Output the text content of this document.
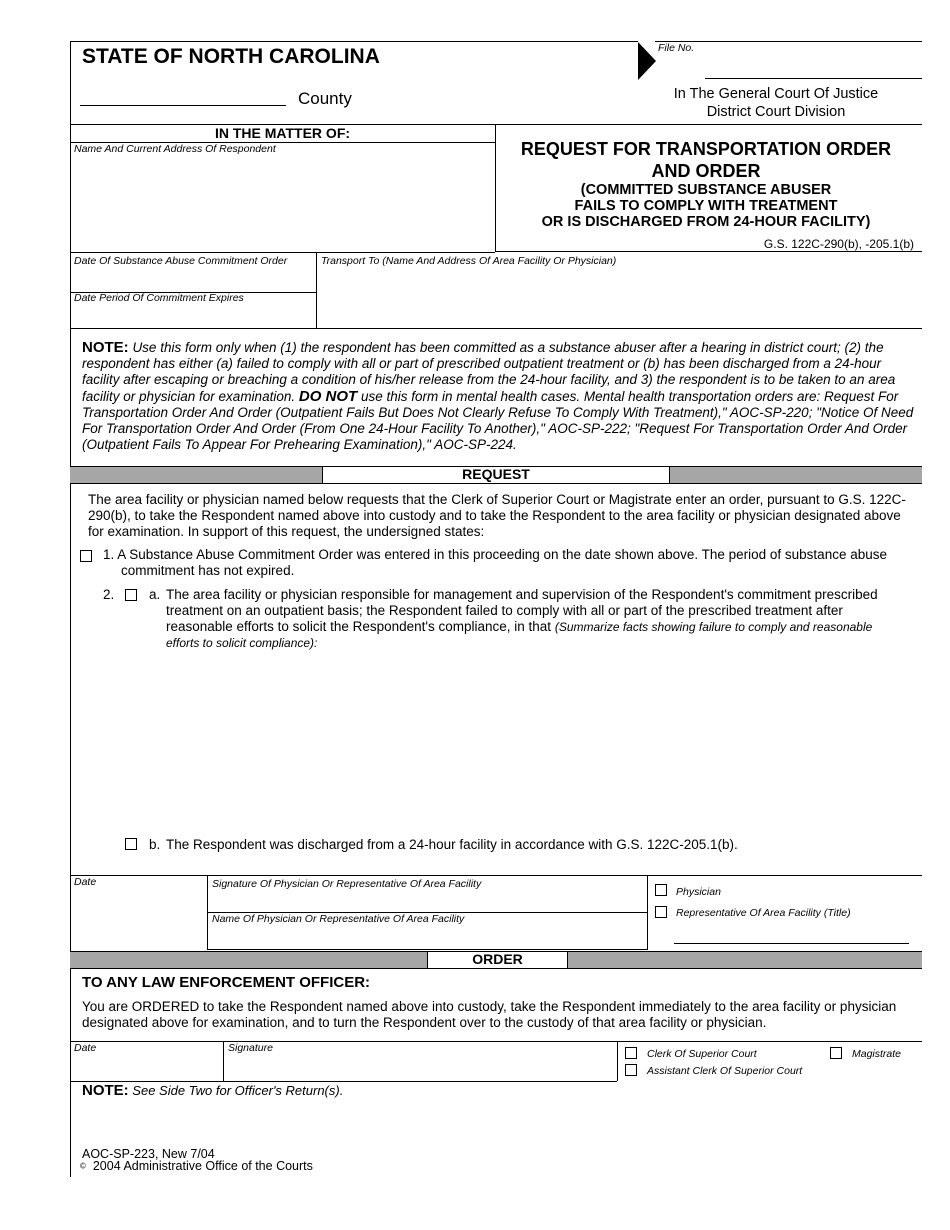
STATE OF NORTH CAROLINA
County
File No.
In The General Court Of Justice
District Court Division
IN THE MATTER OF:
Name And Current Address Of Respondent	REQUEST FOR TRANSPORTATION ORDER
AND ORDER
(COMMITTED SUBSTANCE ABUSER
FAILS TO COMPLY WITH TREATMENT
OR IS DISCHARGED FROM 24-HOUR FACILITY)
G.S. 122C-290(b), -205.1(b)
Date Of Substance Abuse Commitment Order
Date Period Of Commitment Expires
Transport To (Name And Address Of Area Facility Or Physician)
NOTE: Use this form only when (1) the respondent has been committed as a substance abuser after a hearing in district court; (2) the respondent has either (a) failed to comply with all or part of prescribed outpatient treatment or (b) has been discharged from a 24-hour facility after escaping or breaching a condition of his/her release from the 24-hour facility, and 3) the respondent is to be taken to an area facility or physician for examination. DO NOT use this form in mental health cases. Mental health transportation orders are: Request For Transportation Order And Order (Outpatient Fails But Does Not Clearly Refuse To Comply With Treatment)," AOC-SP-220; "Notice Of Need For Transportation Order And Order (From One 24-Hour Facility To Another)," AOC-SP-222; "Request For Transportation Order And Order (Outpatient Fails To Appear For Prehearing Examination)," AOC-SP-224.
REQUEST
The area facility or physician named below requests that the Clerk of Superior Court or Magistrate enter an order, pursuant to G.S. 122C-290(b), to take the Respondent named above into custody and to take the Respondent to the area facility or physician designated above for examination. In support of this request, the undersigned states:
1. A Substance Abuse Commitment Order was entered in this proceeding on the date shown above. The period of substance abuse commitment has not expired.
2.	a. The area facility or physician responsible for management and supervision of the Respondent's commitment prescribed treatment on an outpatient basis; the Respondent failed to comply with all or part of the prescribed treatment after reasonable efforts to solicit the Respondent's compliance, in that (Summarize facts showing failure to comply and reasonable efforts to solicit compliance):
b. The Respondent was discharged from a 24-hour facility in accordance with G.S. 122C-205.1(b).
Date	Signature Of Physician Or Representative Of Area Facility
Name Of Physician Or Representative Of Area Facility
Physician
Representative Of Area Facility (Title)
ORDER
TO ANY LAW ENFORCEMENT OFFICER:
You are ORDERED to take the Respondent named above into custody, take the Respondent immediately to the area facility or physician designated above for examination, and to turn the Respondent over to the custody of that area facility or physician.
Date	Signature	Clerk Of Superior Court	Magistrate
Assistant Clerk Of Superior Court
NOTE: See Side Two for Officer's Return(s).
AOC-SP-223, New 7/04
© 2004 Administrative Office of the Courts
